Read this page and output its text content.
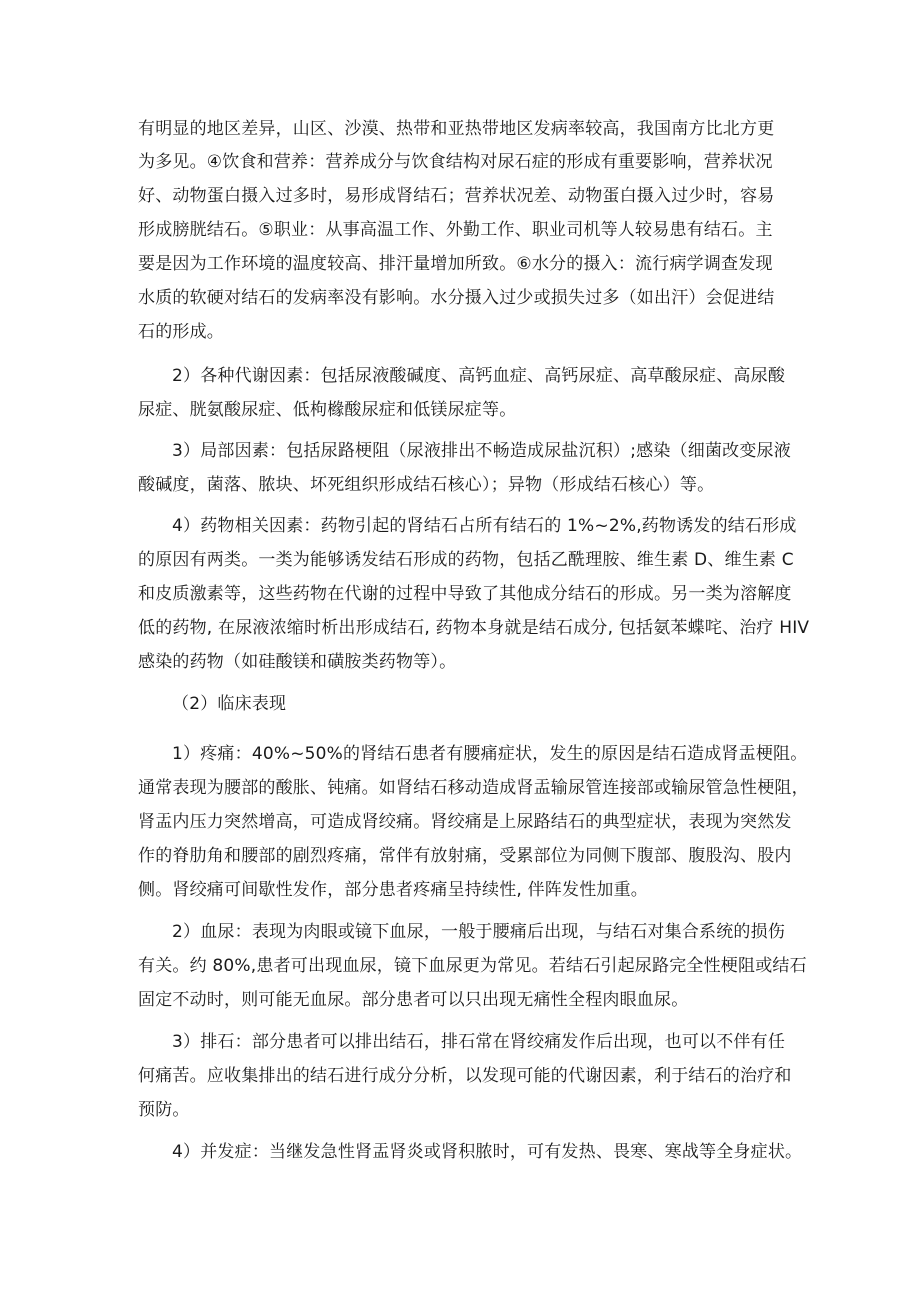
有明显的地区差异，山区、沙漠、热带和亚热带地区发病率较高，我国南方比北方更
为多见。④饮食和营养：营养成分与饮食结构对尿石症的形成有重要影响，营养状况
好、动物蛋白摄入过多时，易形成肾结石；营养状况差、动物蛋白摄入过少时，容易
形成膀胱结石。⑤职业：从事高温工作、外勤工作、职业司机等人较易患有结石。主
要是因为工作环境的温度较高、排汗量增加所致。⑥水分的摄入：流行病学调查发现
水质的软硬对结石的发病率没有影响。水分摄入过少或损失过多（如出汗）会促进结
石的形成。
2）各种代谢因素：包括尿液酸碱度、高钙血症、高钙尿症、高草酸尿症、高尿酸
尿症、胱氨酸尿症、低枸橼酸尿症和低镁尿症等。
3）局部因素：包括尿路梗阻（尿液排出不畅造成尿盐沉积）;感染（细菌改变尿液
酸碱度，菌落、脓块、坏死组织形成结石核心）；异物（形成结石核心）等。
4）药物相关因素：药物引起的肾结石占所有结石的 1%~2%,药物诱发的结石形成
的原因有两类。一类为能够诱发结石形成的药物，包括乙酰理胺、维生素 D、维生素 C
和皮质激素等，这些药物在代谢的过程中导致了其他成分结石的形成。另一类为溶解度
低的药物, 在尿液浓缩时析出形成结石, 药物本身就是结石成分, 包括氨苯蝶咤、治疗 HIV
感染的药物（如硅酸镁和磺胺类药物等）。
（2）临床表现
1）疼痛：40%~50%的肾结石患者有腰痛症状，发生的原因是结石造成肾盂梗阻。
通常表现为腰部的酸胀、钝痛。如肾结石移动造成肾盂输尿管连接部或输尿管急性梗阻，
肾盂内压力突然增高，可造成肾绞痛。肾绞痛是上尿路结石的典型症状，表现为突然发
作的脊肋角和腰部的剧烈疼痛，常伴有放射痛，受累部位为同侧下腹部、腹股沟、股内
侧。肾绞痛可间歇性发作，部分患者疼痛呈持续性, 伴阵发性加重。
2）血尿：表现为肉眼或镜下血尿，一般于腰痛后出现，与结石对集合系统的损伤
有关。约 80%,患者可出现血尿，镜下血尿更为常见。若结石引起尿路完全性梗阻或结石
固定不动时，则可能无血尿。部分患者可以只出现无痛性全程肉眼血尿。
3）排石：部分患者可以排出结石，排石常在肾绞痛发作后出现，也可以不伴有任
何痛苦。应收集排出的结石进行成分分析，以发现可能的代谢因素，利于结石的治疗和
预防。
4）并发症：当继发急性肾盂肾炎或肾积脓时，可有发热、畏寒、寒战等全身症状。
